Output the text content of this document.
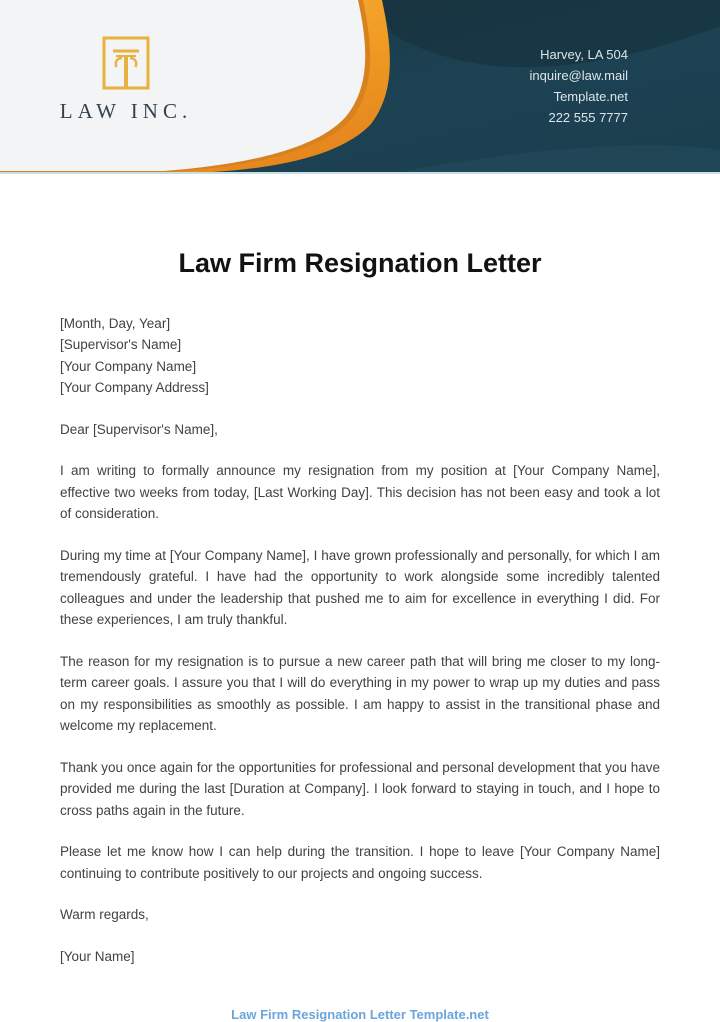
LAW INC.
Harvey, LA 504
inquire@law.mail
Template.net
222 555 7777
Law Firm Resignation Letter
[Month, Day, Year]
[Supervisor's Name]
[Your Company Name]
[Your Company Address]

Dear [Supervisor's Name],

I am writing to formally announce my resignation from my position at [Your Company Name], effective two weeks from today, [Last Working Day]. This decision has not been easy and took a lot of consideration.

During my time at [Your Company Name], I have grown professionally and personally, for which I am tremendously grateful. I have had the opportunity to work alongside some incredibly talented colleagues and under the leadership that pushed me to aim for excellence in everything I did. For these experiences, I am truly thankful.

The reason for my resignation is to pursue a new career path that will bring me closer to my long-term career goals. I assure you that I will do everything in my power to wrap up my duties and pass on my responsibilities as smoothly as possible. I am happy to assist in the transitional phase and welcome my replacement.

Thank you once again for the opportunities for professional and personal development that you have provided me during the last [Duration at Company]. I look forward to staying in touch, and I hope to cross paths again in the future.

Please let me know how I can help during the transition. I hope to leave [Your Company Name] continuing to contribute positively to our projects and ongoing success.

Warm regards,

[Your Name]

Law Firm Resignation Letter Template.net
